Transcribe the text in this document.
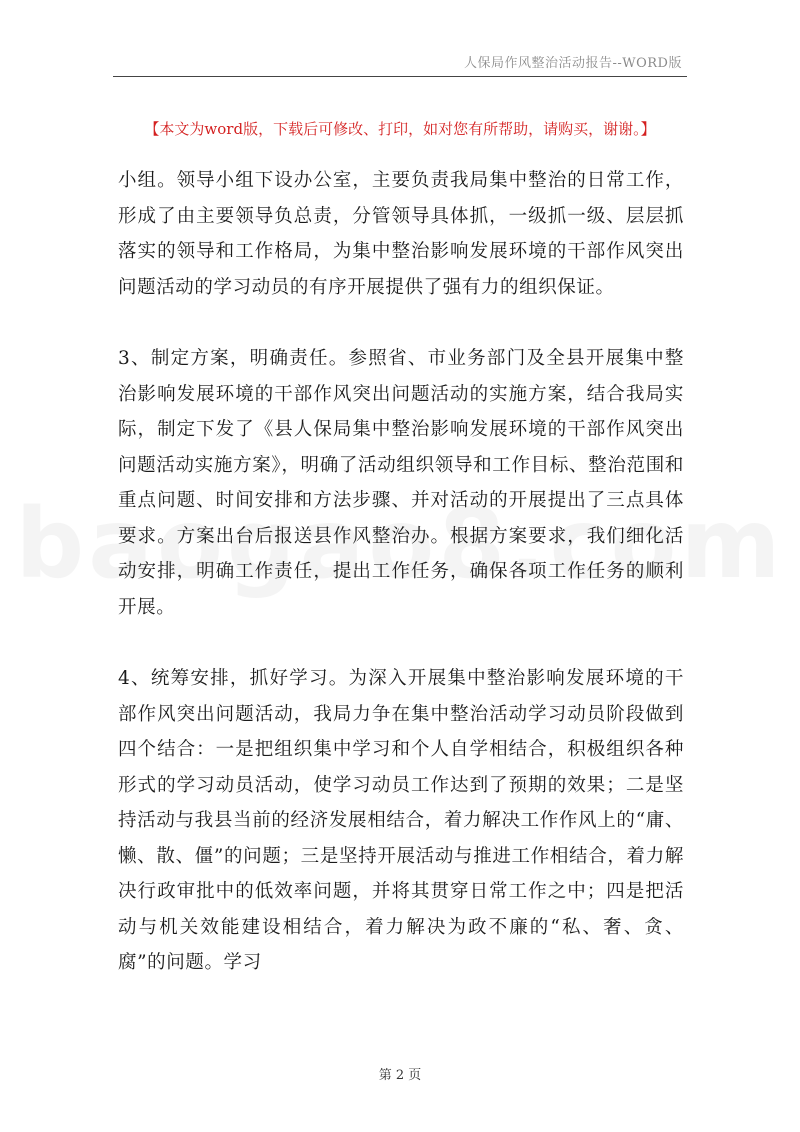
人保局作风整治活动报告--WORD版
【本文为word版，下载后可修改、打印，如对您有所帮助，请购买，谢谢。】

小组。领导小组下设办公室，主要负责我局集中整治的日常工作，形成了由主要领导负总责，分管领导具体抓，一级抓一级、层层抓落实的领导和工作格局，为集中整治影响发展环境的干部作风突出问题活动的学习动员的有序开展提供了强有力的组织保证。

3、制定方案，明确责任。参照省、市业务部门及全县开展集中整治影响发展环境的干部作风突出问题活动的实施方案，结合我局实际，制定下发了《县人保局集中整治影响发展环境的干部作风突出问题活动实施方案》，明确了活动组织领导和工作目标、整治范围和重点问题、时间安排和方法步骤、并对活动的开展提出了三点具体要求。方案出台后报送县作风整治办。根据方案要求，我们细化活动安排，明确工作责任，提出工作任务，确保各项工作任务的顺利开展。

4、统筹安排，抓好学习。为深入开展集中整治影响发展环境的干部作风突出问题活动，我局力争在集中整治活动学习动员阶段做到四个结合：一是把组织集中学习和个人自学相结合，积极组织各种形式的学习动员活动，使学习动员工作达到了预期的效果；二是坚持活动与我县当前的经济发展相结合，着力解决工作作风上的“庸、懒、散、僵”的问题；三是坚持开展活动与推进工作相结合，着力解决行政审批中的低效率问题，并将其贯穿日常工作之中；四是把活动与机关效能建设相结合，着力解决为政不廉的“私、奢、贪、腐”的问题。学习

第 2 页
